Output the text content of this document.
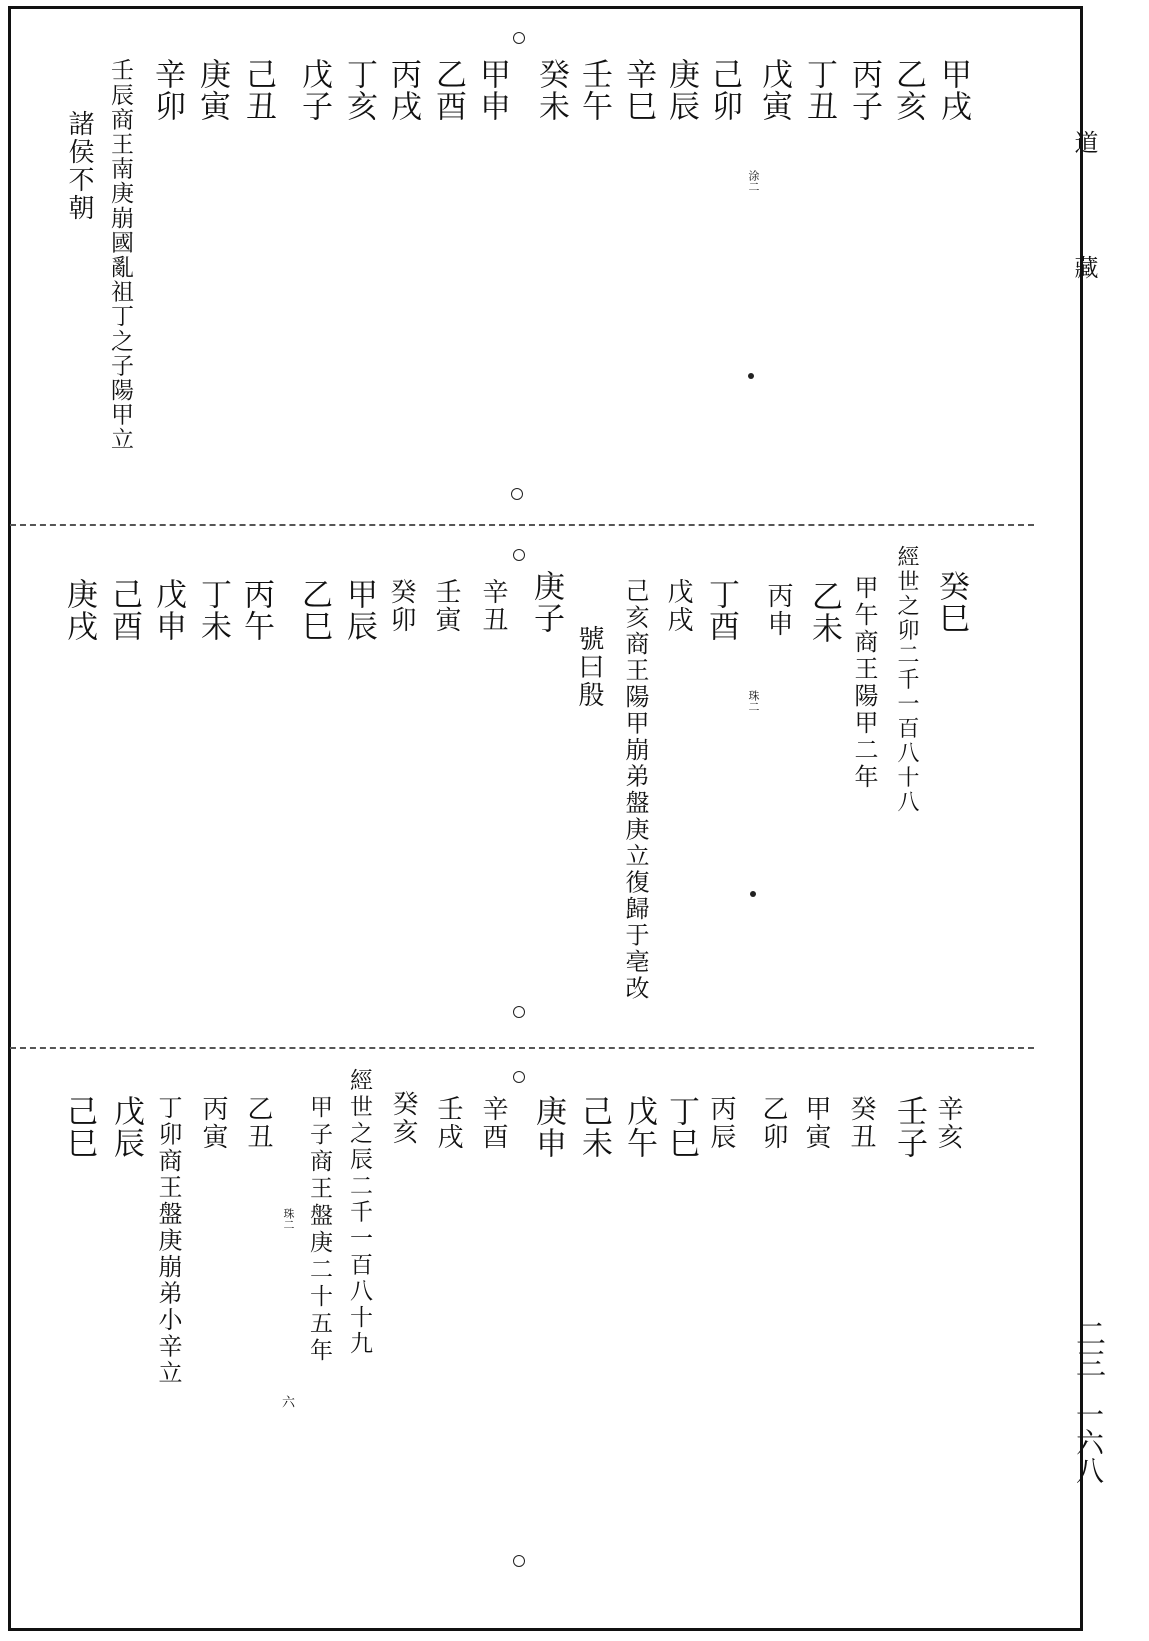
道
藏
二三
一六八
甲戌
乙亥
丙子
丁丑
戊寅
己卯
庚辰
辛巳
壬午
癸未
甲申
乙酉
丙戌
丁亥
戊子
己丑
庚寅
辛卯
壬辰商王南庚崩國亂祖丁之子陽甲立
諸侯不朝	涂二
癸巳
經世之卯二千一百八十八
甲午商王陽甲二年
乙未
丙申
丁酉
戊戌
己亥商王陽甲崩弟盤庚立復歸于亳改
號曰殷
庚子
辛丑
壬寅
癸卯
甲辰
乙巳
丙午
丁未
戊申
己酉
庚戌
珠二
辛亥
壬子
癸丑
甲寅
乙卯
丙辰
丁巳
戊午
己未
庚申
辛酉
壬戌
癸亥
經世之辰二千一百八十九
甲子商王盤庚二十五年
乙丑
丙寅
丁卯商王盤庚崩弟小辛立
戊辰
己巳
珠二
六
